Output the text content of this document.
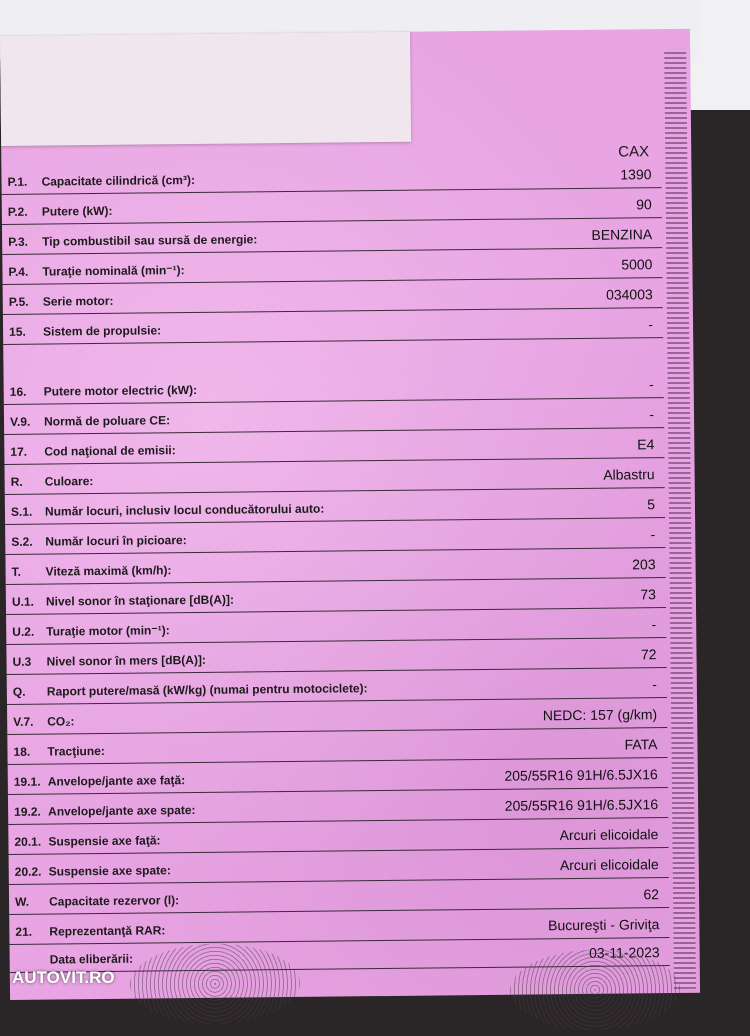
CAX
P.1. Capacitate cilindrică (cm³):	1390
P.2. Putere (kW):	90
P.3. Tip combustibil sau sursă de energie:	BENZINA
P.4. Turaţie nominală (min⁻¹):	5000
P.5. Serie motor:	034003
15. Sistem de propulsie:	-
16. Putere motor electric (kW):	-
V.9. Normă de poluare CE:	-
17. Cod naţional de emisii:	E4
R. Culoare:	Albastru
S.1. Număr locuri, inclusiv locul conducătorului auto:	5
S.2. Număr locuri în picioare:	-
T. Viteză maximă (km/h):	203
U.1. Nivel sonor în staţionare [dB(A)]:	73
U.2. Turaţie motor (min⁻¹):	-
U.3 Nivel sonor în mers [dB(A)]:	72
Q. Raport putere/masă (kW/kg) (numai pentru motociclete):	-
V.7. CO₂:	NEDC: 157 (g/km)
18. Tracţiune:	FATA
19.1. Anvelope/jante axe faţă:	205/55R16 91H/6.5JX16
19.2. Anvelope/jante axe spate:	205/55R16 91H/6.5JX16
20.1. Suspensie axe faţă:	Arcuri elicoidale
20.2. Suspensie axe spate:	Arcuri elicoidale
W. Capacitate rezervor (l):	62
21. Reprezentanţă RAR:	Bucureşti - Griviţa
Data eliberării:	03-11-2023
AUTOVIT.RO
